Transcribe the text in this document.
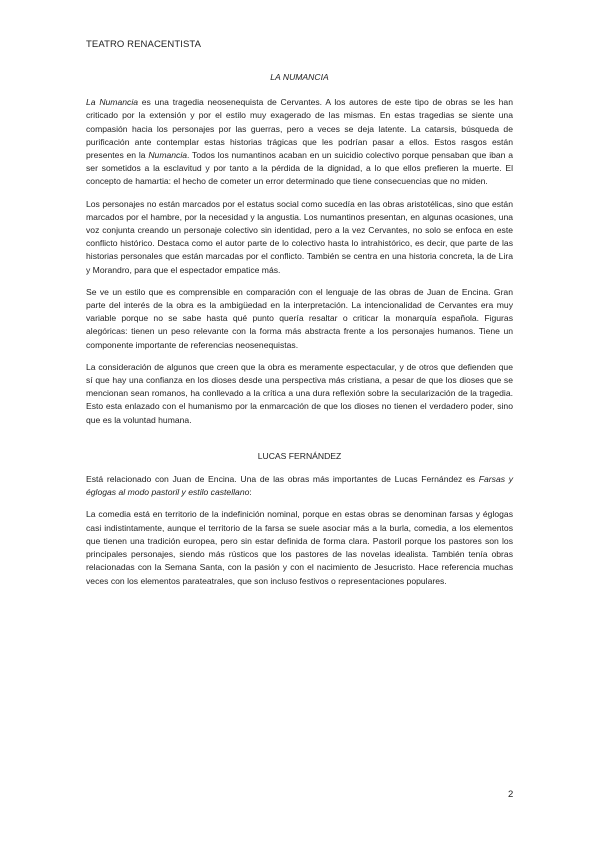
TEATRO RENACENTISTA
LA NUMANCIA

La Numancia es una tragedia neosenequista de Cervantes. A los autores de este tipo de obras se les han criticado por la extensión y por el estilo muy exagerado de las mismas. En estas tragedias se siente una compasión hacia los personajes por las guerras, pero a veces se deja latente. La catarsis, búsqueda de purificación ante contemplar estas historias trágicas que les podrían pasar a ellos. Estos rasgos están presentes en la Numancia. Todos los numantinos acaban en un suicidio colectivo porque pensaban que iban a ser sometidos a la esclavitud y por tanto a la pérdida de la dignidad, a lo que ellos prefieren la muerte. El concepto de hamartia: el hecho de cometer un error determinado que tiene consecuencias que no miden.

Los personajes no están marcados por el estatus social como sucedía en las obras aristotélicas, sino que están marcados por el hambre, por la necesidad y la angustia. Los numantinos presentan, en algunas ocasiones, una voz conjunta creando un personaje colectivo sin identidad, pero a la vez Cervantes, no solo se enfoca en este conflicto histórico. Destaca como el autor parte de lo colectivo hasta lo intrahistórico, es decir, que parte de las historias personales que están marcadas por el conflicto. También se centra en una historia concreta, la de Lira y Morandro, para que el espectador empatice más.

Se ve un estilo que es comprensible en comparación con el lenguaje de las obras de Juan de Encina. Gran parte del interés de la obra es la ambigüedad en la interpretación. La intencionalidad de Cervantes era muy variable porque no se sabe hasta qué punto quería resaltar o criticar la monarquía española. Figuras alegóricas: tienen un peso relevante con la forma más abstracta frente a los personajes humanos. Tiene un componente importante de referencias neosenequistas.

La consideración de algunos que creen que la obra es meramente espectacular, y de otros que defienden que sí que hay una confianza en los dioses desde una perspectiva más cristiana, a pesar de que los dioses que se mencionan sean romanos, ha conllevado a la crítica a una dura reflexión sobre la secularización de la tragedia. Esto esta enlazado con el humanismo por la enmarcación de que los dioses no tienen el verdadero poder, sino que es la voluntad humana.

LUCAS FERNÁNDEZ

Está relacionado con Juan de Encina. Una de las obras más importantes de Lucas Fernández es Farsas y églogas al modo pastoril y estilo castellano:

La comedia está en territorio de la indefinición nominal, porque en estas obras se denominan farsas y églogas casi indistintamente, aunque el territorio de la farsa se suele asociar más a la burla, comedia, a los elementos que tienen una tradición europea, pero sin estar definida de forma clara. Pastoril porque los pastores son los principales personajes, siendo más rústicos que los pastores de las novelas idealista. También tenía obras relacionadas con la Semana Santa, con la pasión y con el nacimiento de Jesucristo. Hace referencia muchas veces con los elementos parateatrales, que son incluso festivos o representaciones populares.

2
